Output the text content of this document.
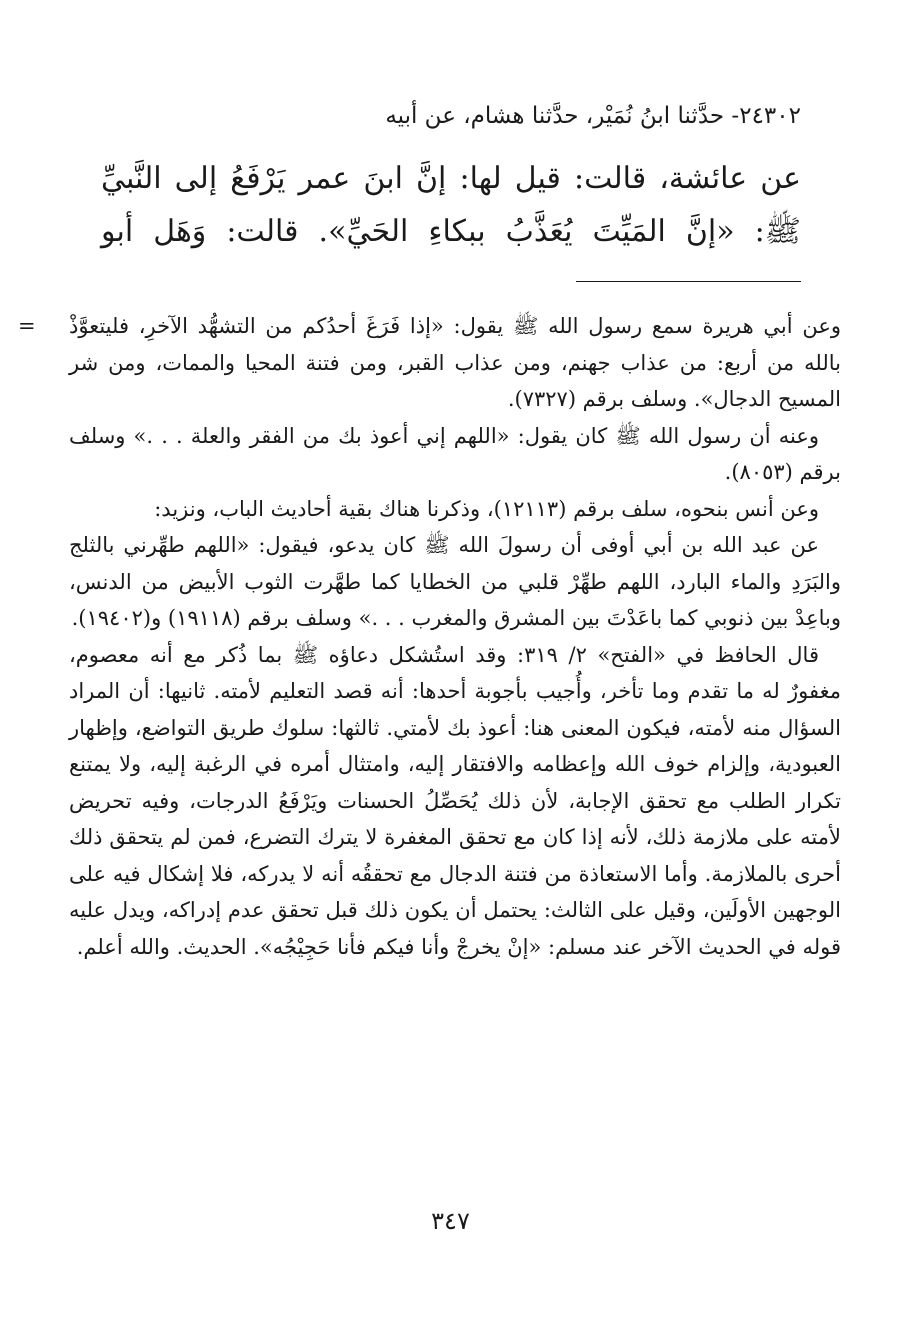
٢٤٣٠٢- حدَّثنا ابنُ نُمَيْر، حدَّثنا هشام، عن أبيه
عن عائشة، قالت: قيل لها: إنَّ ابنَ عمر يَرْفَعُ إلى النَّبيِّ ﷺ: «إنَّ المَيِّتَ يُعَذَّبُ ببكاءِ الحَيِّ». قالت: وَهَل أبو
= وعن أبي هريرة سمع رسول الله ﷺ يقول: «إذا فَرَغَ أحدُكم من التشهُّد الآخرِ، فليتعوَّذْ بالله من أربع: من عذاب جهنم، ومن عذاب القبر، ومن فتنة المحيا والممات، ومن شر المسيح الدجال». وسلف برقم (٧٣٢٧).

وعنه أن رسول الله ﷺ كان يقول: «اللهم إني أعوذ بك من الفقر والعلة . . .» وسلف برقم (٨٠٥٣).

وعن أنس بنحوه، سلف برقم (١٢١١٣)، وذكرنا هناك بقية أحاديث الباب، ونزيد:

عن عبد الله بن أبي أوفى أن رسولَ الله ﷺ كان يدعو، فيقول: «اللهم طهِّرني بالثلج والبَرَدِ والماء البارد، اللهم طهِّرْ قلبي من الخطايا كما طهَّرت الثوب الأبيض من الدنس، وباعِدْ بين ذنوبي كما باعَدْتَ بين المشرق والمغرب . . .» وسلف برقم (١٩١١٨) و(١٩٤٠٢).

قال الحافظ في «الفتح» ٢/ ٣١٩: وقد استُشكل دعاؤه ﷺ بما ذُكر مع أنه معصوم، مغفورٌ له ما تقدم وما تأخر، وأُجيب بأجوبة أحدها: أنه قصد التعليم لأمته. ثانيها: أن المراد السؤال منه لأمته، فيكون المعنى هنا: أعوذ بك لأمتي. ثالثها: سلوك طريق التواضع، وإظهار العبودية، وإلزام خوف الله وإعظامه والافتقار إليه، وامتثال أمره في الرغبة إليه، ولا يمتنع تكرار الطلب مع تحقق الإجابة، لأن ذلك يُحَصِّلُ الحسنات ويَرْفَعُ الدرجات، وفيه تحريض لأمته على ملازمة ذلك، لأنه إذا كان مع تحقق المغفرة لا يترك التضرع، فمن لم يتحقق ذلك أحرى بالملازمة. وأما الاستعاذة من فتنة الدجال مع تحققُه أنه لا يدركه، فلا إشكال فيه على الوجهين الأولَين، وقيل على الثالث: يحتمل أن يكون ذلك قبل تحقق عدم إدراكه، ويدل عليه قوله في الحديث الآخر عند مسلم: «إنْ يخرجْ وأنا فيكم فأنا حَجِيْجُه». الحديث. والله أعلم.

٣٤٧
